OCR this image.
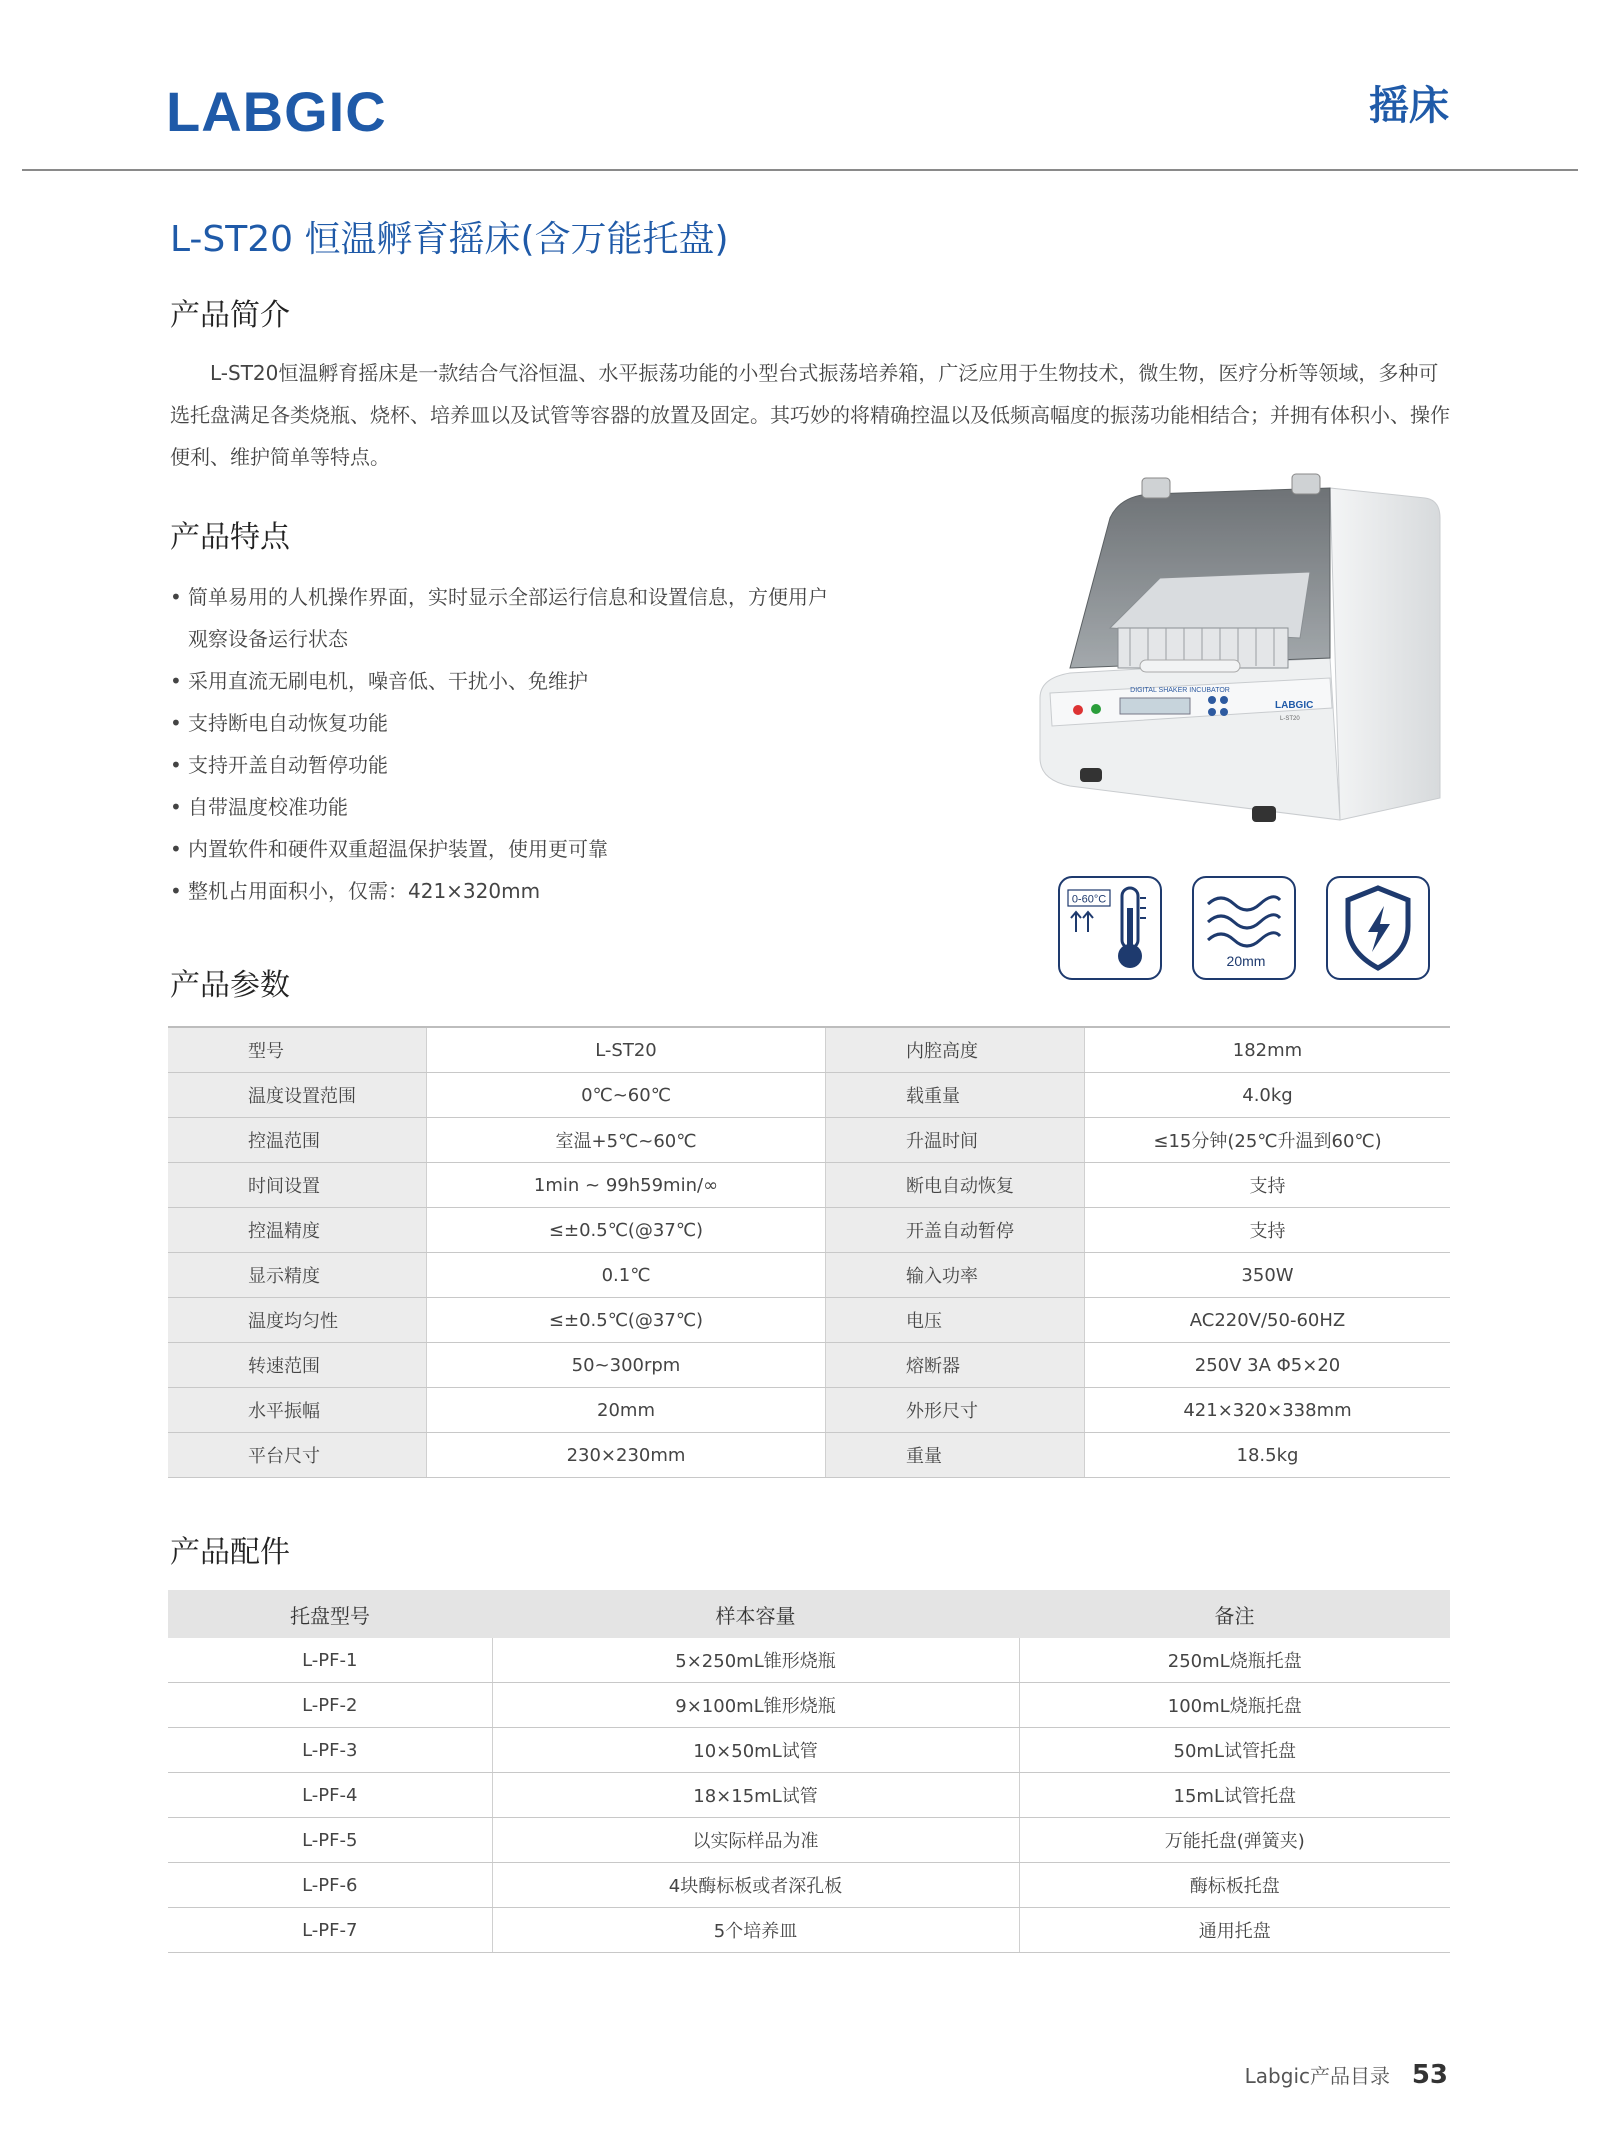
LABGIC	摇床
L-ST20 恒温孵育摇床(含万能托盘)
产品简介
L-ST20恒温孵育摇床是一款结合气浴恒温、水平振荡功能的小型台式振荡培养箱，广泛应用于生物技术，微生物，医疗分析等领域，多种可选托盘满足各类烧瓶、烧杯、培养皿以及试管等容器的放置及固定。其巧妙的将精确控温以及低频高幅度的振荡功能相结合；并拥有体积小、操作便利、维护简单等特点。
产品特点
• 简单易用的人机操作界面，实时显示全部运行信息和设置信息，方便用户观察设备运行状态
• 采用直流无刷电机，噪音低、干扰小、免维护
• 支持断电自动恢复功能
• 支持开盖自动暂停功能
• 自带温度校准功能
• 内置软件和硬件双重超温保护装置，使用更可靠
• 整机占用面积小，仅需：421×320mm
DIGITAL SHAKER INCUBATOR
LABGIC
L-ST20
0-60°C
20mm
产品参数
型号	L-ST20	内腔高度	182mm
温度设置范围	0℃~60℃	载重量	4.0kg
控温范围	室温+5℃~60℃	升温时间	≤15分钟(25℃升温到60℃)
时间设置	1min ~ 99h59min/∞	断电自动恢复	支持
控温精度	≤±0.5℃(@37℃)	开盖自动暂停	支持
显示精度	0.1℃	输入功率	350W
温度均匀性	≤±0.5℃(@37℃)	电压	AC220V/50-60HZ
转速范围	50~300rpm	熔断器	250V 3A Φ5×20
水平振幅	20mm	外形尺寸	421×320×338mm
平台尺寸	230×230mm	重量	18.5kg
产品配件
托盘型号	样本容量	备注
L-PF-1	5×250mL锥形烧瓶	250mL烧瓶托盘
L-PF-2	9×100mL锥形烧瓶	100mL烧瓶托盘
L-PF-3	10×50mL试管	50mL试管托盘
L-PF-4	18×15mL试管	15mL试管托盘
L-PF-5	以实际样品为准	万能托盘(弹簧夹)
L-PF-6	4块酶标板或者深孔板	酶标板托盘
L-PF-7	5个培养皿	通用托盘
Labgic产品目录 53
